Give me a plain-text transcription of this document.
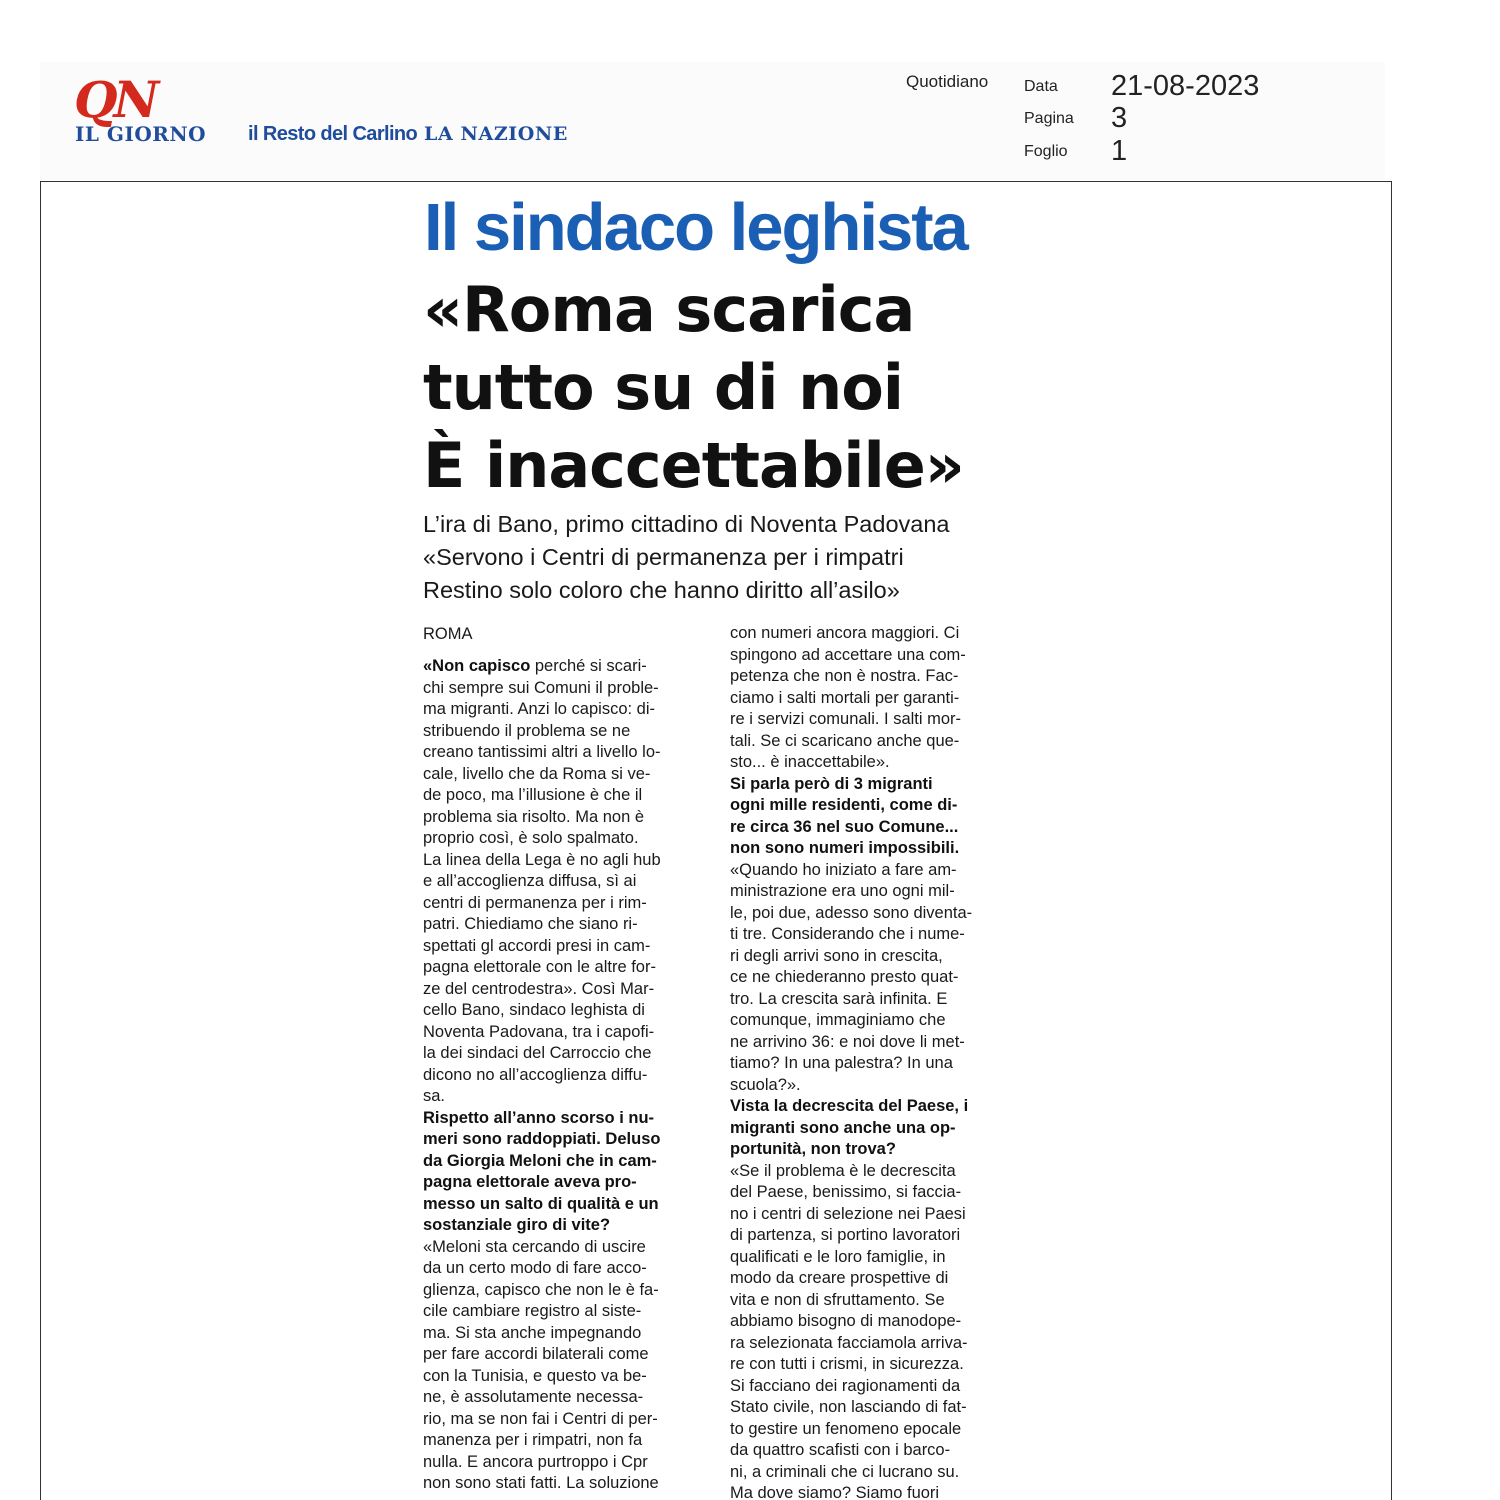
QN
IL GIORNO il Resto del Carlino LA NAZIONE
Quotidiano Data 21-08-2023
Pagina 3
Foglio 1
Il sindaco leghista
«Roma scarica
tutto su di noi
È inaccettabile»
L’ira di Bano, primo cittadino di Noventa Padovana
«Servono i Centri di permanenza per i rimpatri
Restino solo coloro che hanno diritto all’asilo»
ROMA
«Non capisco perché si scari-
chi sempre sui Comuni il proble-
ma migranti. Anzi lo capisco: di-
stribuendo il problema se ne
creano tantissimi altri a livello lo-
cale, livello che da Roma si ve-
de poco, ma l’illusione è che il
problema sia risolto. Ma non è
proprio così, è solo spalmato.
La linea della Lega è no agli hub
e all’accoglienza diffusa, sì ai
centri di permanenza per i rim-
patri. Chiediamo che siano ri-
spettati gl accordi presi in cam-
pagna elettorale con le altre for-
ze del centrodestra». Così Mar-
cello Bano, sindaco leghista di
Noventa Padovana, tra i capofi-
la dei sindaci del Carroccio che
dicono no all’accoglienza diffu-
sa.
Rispetto all’anno scorso i nu-
meri sono raddoppiati. Deluso
da Giorgia Meloni che in cam-
pagna elettorale aveva pro-
messo un salto di qualità e un
sostanziale giro di vite?
«Meloni sta cercando di uscire
da un certo modo di fare acco-
glienza, capisco che non le è fa-
cile cambiare registro al siste-
ma. Si sta anche impegnando
per fare accordi bilaterali come
con la Tunisia, e questo va be-
ne, è assolutamente necessa-
rio, ma se non fai i Centri di per-
manenza per i rimpatri, non fa
nulla. E ancora purtroppo i Cpr
non sono stati fatti. La soluzione
con numeri ancora maggiori. Ci
spingono ad accettare una com-
petenza che non è nostra. Fac-
ciamo i salti mortali per garanti-
re i servizi comunali. I salti mor-
tali. Se ci scaricano anche que-
sto... è inaccettabile».
Si parla però di 3 migranti
ogni mille residenti, come di-
re circa 36 nel suo Comune...
non sono numeri impossibili.
«Quando ho iniziato a fare am-
ministrazione era uno ogni mil-
le, poi due, adesso sono diventa-
ti tre. Considerando che i nume-
ri degli arrivi sono in crescita,
ce ne chiederanno presto quat-
tro. La crescita sarà infinita. E
comunque, immaginiamo che
ne arrivino 36: e noi dove li met-
tiamo? In una palestra? In una
scuola?».
Vista la decrescita del Paese, i
migranti sono anche una op-
portunità, non trova?
«Se il problema è le decrescita
del Paese, benissimo, si faccia-
no i centri di selezione nei Paesi
di partenza, si portino lavoratori
qualificati e le loro famiglie, in
modo da creare prospettive di
vita e non di sfruttamento. Se
abbiamo bisogno di manodope-
ra selezionata facciamola arriva-
re con tutti i crismi, in sicurezza.
Si facciano dei ragionamenti da
Stato civile, non lasciando di fat-
to gestire un fenomeno epocale
da quattro scafisti con i barco-
ni, a criminali che ci lucrano su.
Ma dove siamo? Siamo fuori
